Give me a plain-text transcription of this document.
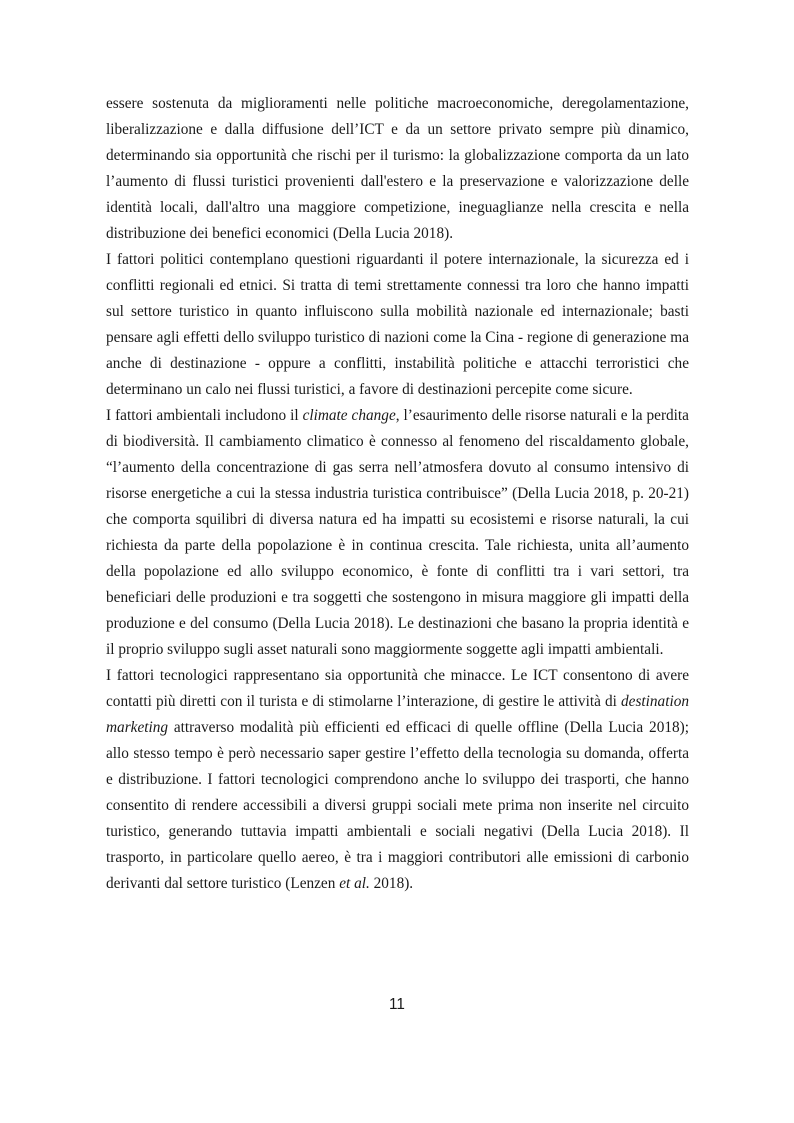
essere sostenuta da miglioramenti nelle politiche macroeconomiche, deregolamentazione, liberalizzazione e dalla diffusione dell’ICT e da un settore privato sempre più dinamico, determinando sia opportunità che rischi per il turismo: la globalizzazione comporta da un lato l’aumento di flussi turistici provenienti dall'estero e la preservazione e valorizzazione delle identità locali, dall'altro una maggiore competizione, ineguaglianze nella crescita e nella distribuzione dei benefici economici (Della Lucia 2018).

I fattori politici contemplano questioni riguardanti il potere internazionale, la sicurezza ed i conflitti regionali ed etnici. Si tratta di temi strettamente connessi tra loro che hanno impatti sul settore turistico in quanto influiscono sulla mobilità nazionale ed internazionale; basti pensare agli effetti dello sviluppo turistico di nazioni come la Cina - regione di generazione ma anche di destinazione - oppure a conflitti, instabilità politiche e attacchi terroristici che determinano un calo nei flussi turistici, a favore di destinazioni percepite come sicure.

I fattori ambientali includono il climate change, l’esaurimento delle risorse naturali e la perdita di biodiversità. Il cambiamento climatico è connesso al fenomeno del riscaldamento globale, “l’aumento della concentrazione di gas serra nell’atmosfera dovuto al consumo intensivo di risorse energetiche a cui la stessa industria turistica contribuisce” (Della Lucia 2018, p. 20-21) che comporta squilibri di diversa natura ed ha impatti su ecosistemi e risorse naturali, la cui richiesta da parte della popolazione è in continua crescita. Tale richiesta, unita all’aumento della popolazione ed allo sviluppo economico, è fonte di conflitti tra i vari settori, tra beneficiari delle produzioni e tra soggetti che sostengono in misura maggiore gli impatti della produzione e del consumo (Della Lucia 2018). Le destinazioni che basano la propria identità e il proprio sviluppo sugli asset naturali sono maggiormente soggette agli impatti ambientali.

I fattori tecnologici rappresentano sia opportunità che minacce. Le ICT consentono di avere contatti più diretti con il turista e di stimolarne l’interazione, di gestire le attività di destination marketing attraverso modalità più efficienti ed efficaci di quelle offline (Della Lucia 2018); allo stesso tempo è però necessario saper gestire l’effetto della tecnologia su domanda, offerta e distribuzione. I fattori tecnologici comprendono anche lo sviluppo dei trasporti, che hanno consentito di rendere accessibili a diversi gruppi sociali mete prima non inserite nel circuito turistico, generando tuttavia impatti ambientali e sociali negativi (Della Lucia 2018). Il trasporto, in particolare quello aereo, è tra i maggiori contributori alle emissioni di carbonio derivanti dal settore turistico (Lenzen et al. 2018).

11
